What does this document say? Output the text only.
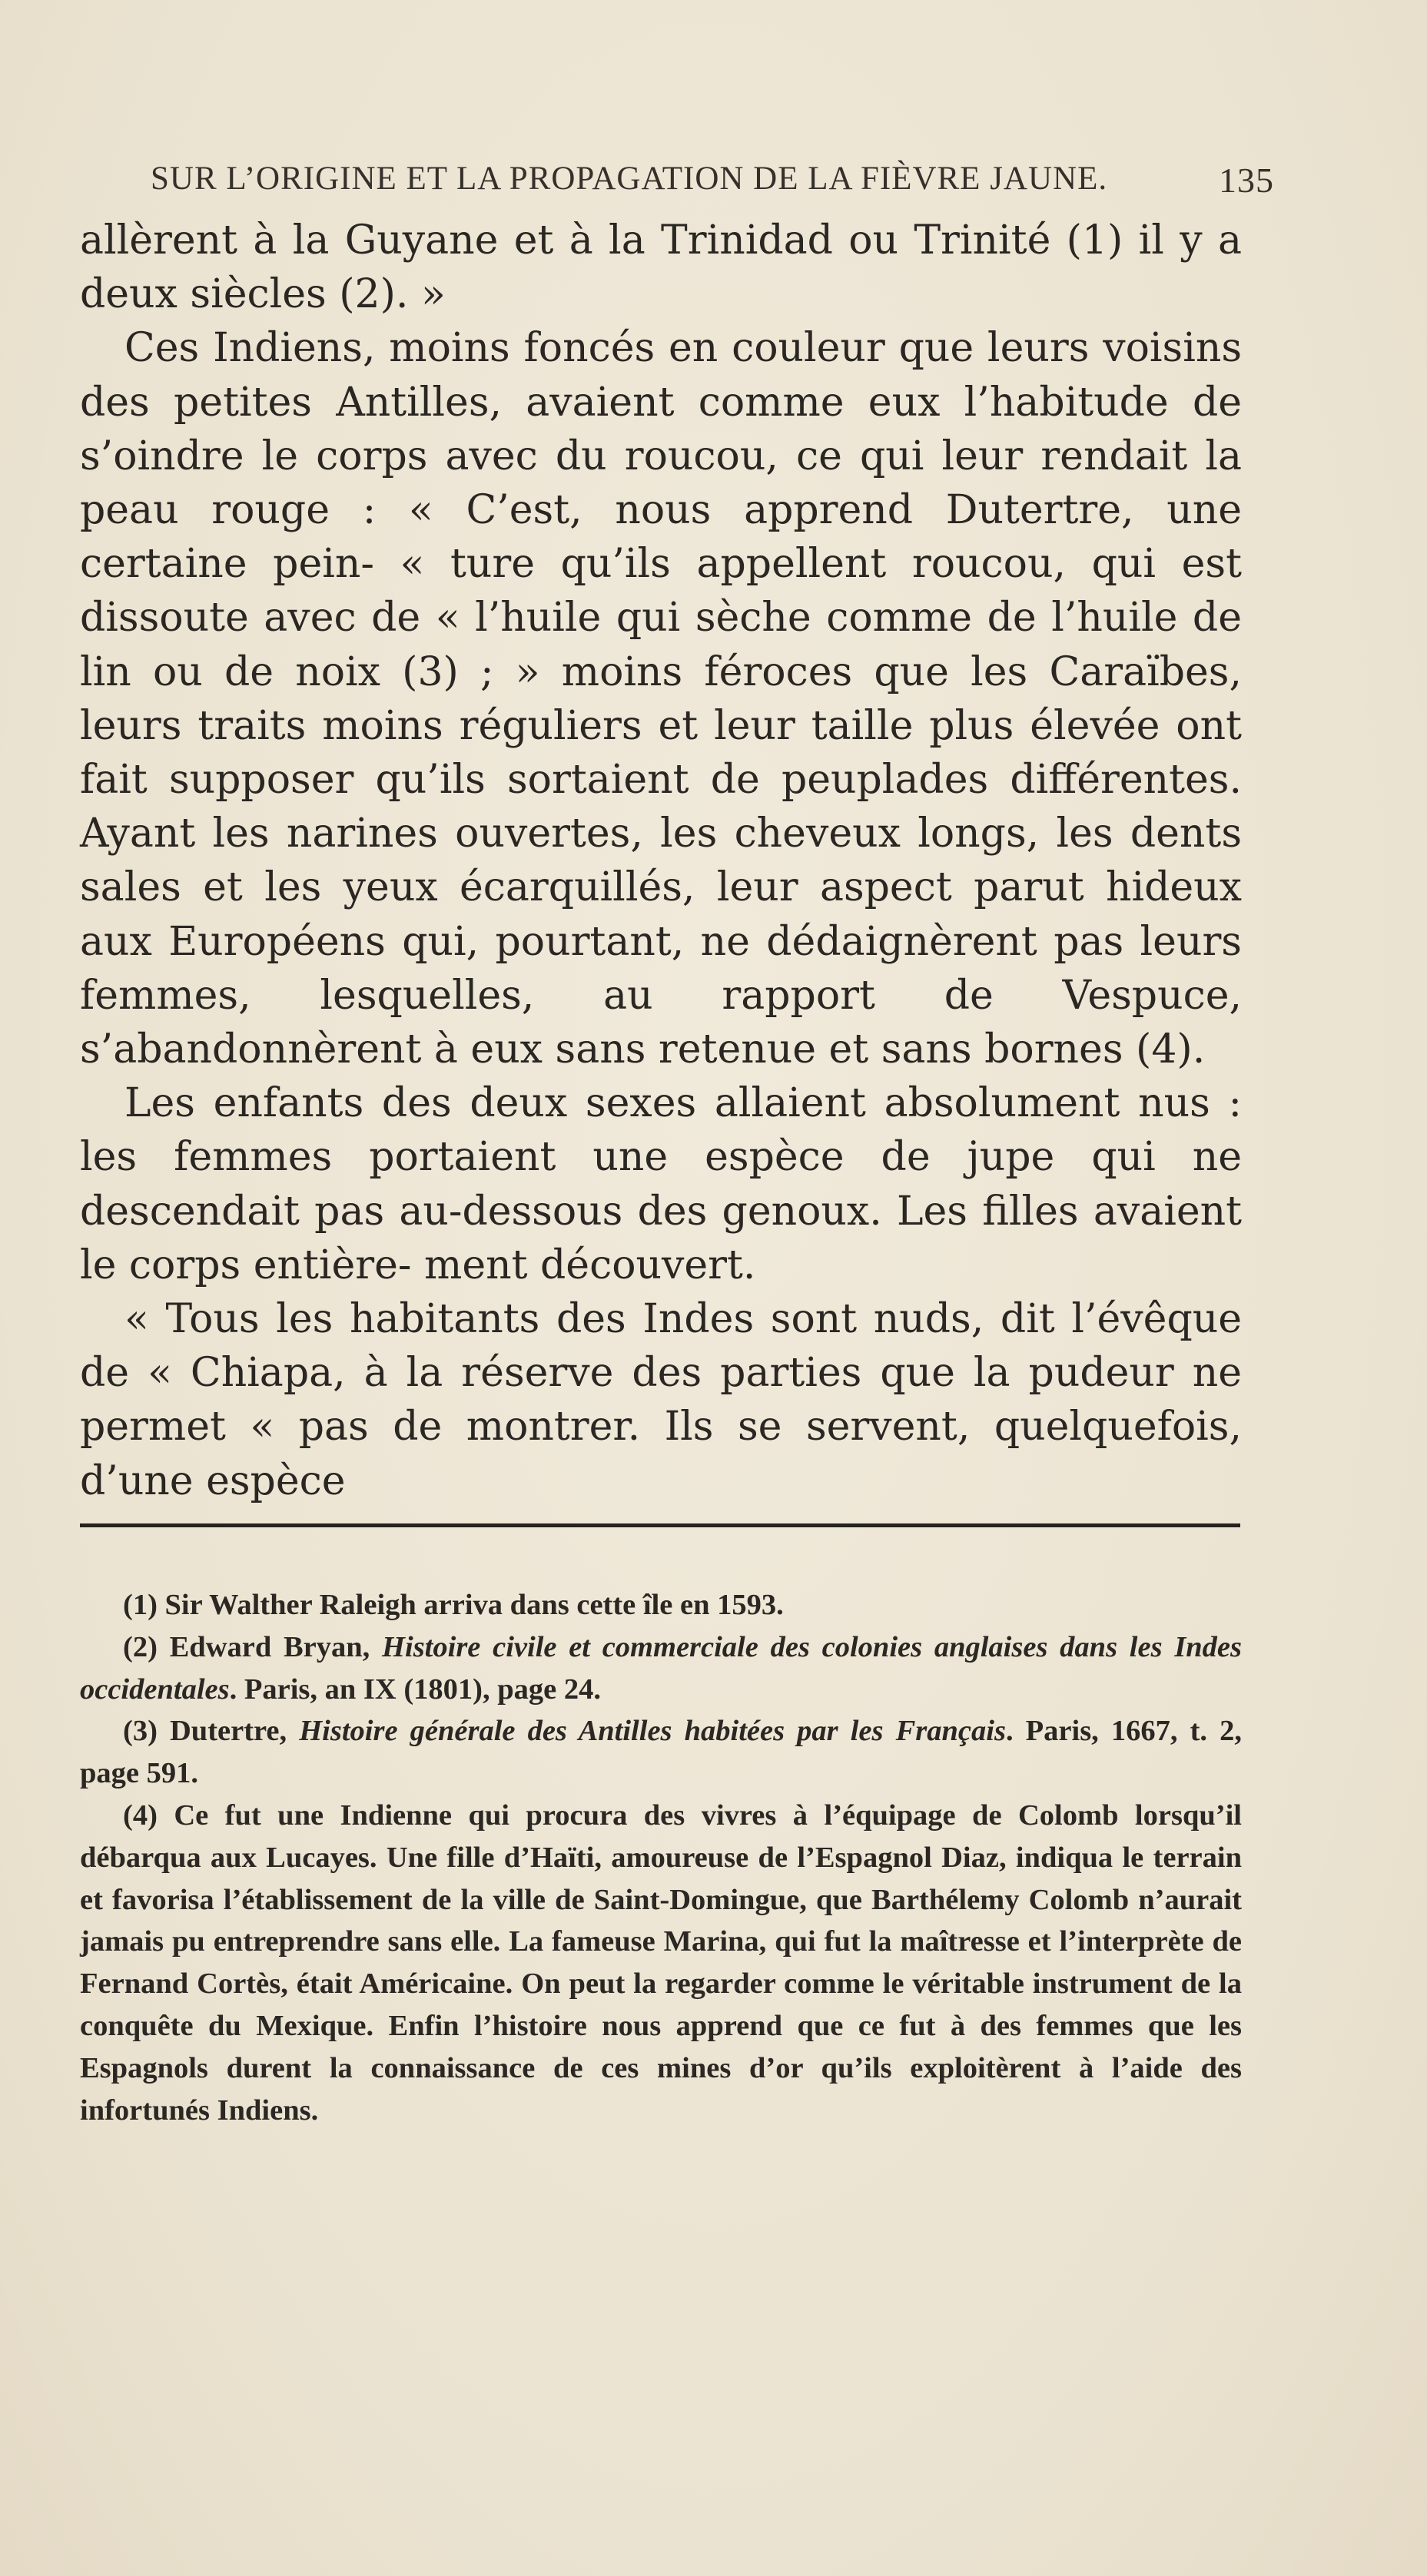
SUR L’ORIGINE ET LA PROPAGATION DE LA FIÈVRE JAUNE.	135

allèrent à la Guyane et à la Trinidad ou Trinité (1) il y a deux siècles (2). »

Ces Indiens, moins foncés en couleur que leurs voisins des petites Antilles, avaient comme eux l’habitude de s’oindre le corps avec du roucou, ce qui leur rendait la peau rouge : « C’est, nous apprend Dutertre, une certaine pein- « ture qu’ils appellent roucou, qui est dissoute avec de « l’huile qui sèche comme de l’huile de lin ou de noix (3) ; » moins féroces que les Caraïbes, leurs traits moins réguliers et leur taille plus élevée ont fait supposer qu’ils sortaient de peuplades différentes. Ayant les narines ouvertes, les cheveux longs, les dents sales et les yeux écarquillés, leur aspect parut hideux aux Européens qui, pourtant, ne dédaignèrent pas leurs femmes, lesquelles, au rapport de Vespuce, s’abandonnèrent à eux sans retenue et sans bornes (4).

Les enfants des deux sexes allaient absolument nus : les femmes portaient une espèce de jupe qui ne descendait pas au-dessous des genoux. Les filles avaient le corps entière- ment découvert.

« Tous les habitants des Indes sont nuds, dit l’évêque de « Chiapa, à la réserve des parties que la pudeur ne permet « pas de montrer. Ils se servent, quelquefois, d’une espèce

(1) Sir Walther Raleigh arriva dans cette île en 1593.

(2) Edward Bryan, Histoire civile et commerciale des colonies anglaises dans les Indes occidentales. Paris, an IX (1801), page 24.

(3) Dutertre, Histoire générale des Antilles habitées par les Français. Paris, 1667, t. 2, page 591.

(4) Ce fut une Indienne qui procura des vivres à l’équipage de Colomb lorsqu’il débarqua aux Lucayes. Une fille d’Haïti, amoureuse de l’Espagnol Diaz, indiqua le terrain et favorisa l’établissement de la ville de Saint-Domingue, que Barthélemy Colomb n’aurait jamais pu entreprendre sans elle. La fameuse Marina, qui fut la maîtresse et l’interprète de Fernand Cortès, était Américaine. On peut la regarder comme le véritable instrument de la conquête du Mexique. Enfin l’histoire nous apprend que ce fut à des femmes que les Espagnols durent la connaissance de ces mines d’or qu’ils exploitèrent à l’aide des infortunés Indiens.
